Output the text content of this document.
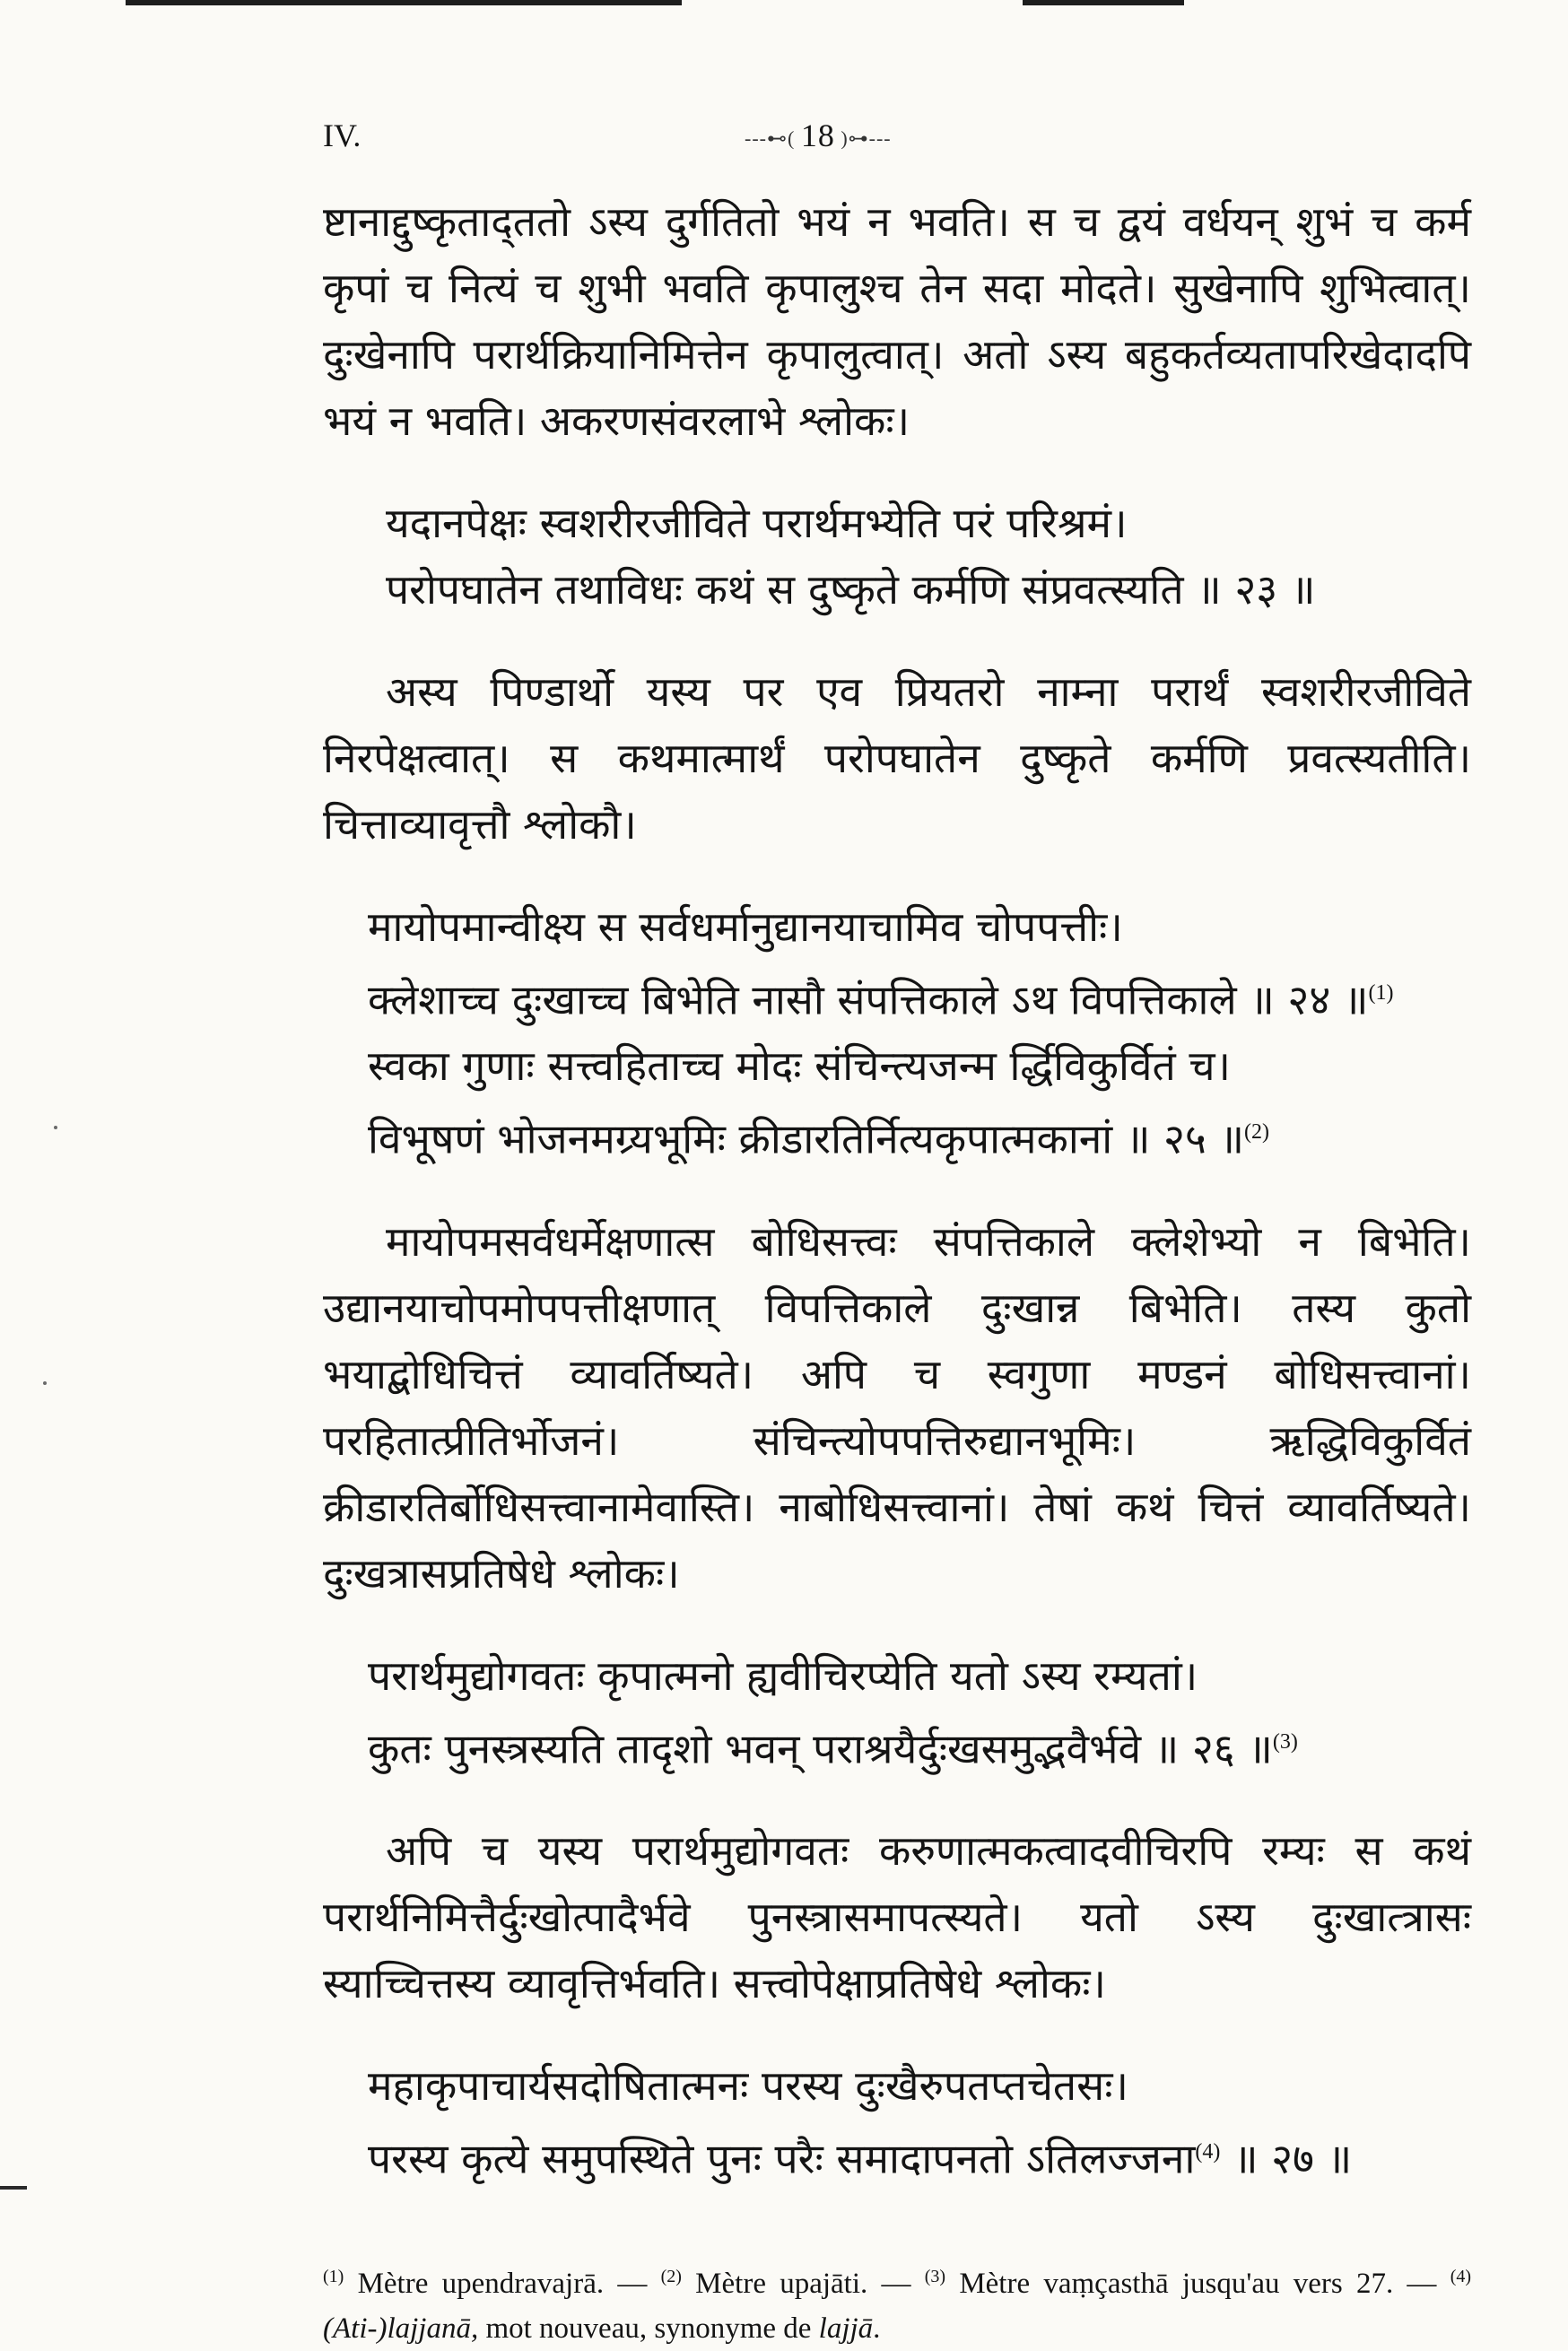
IV.	---⊷( 18 )⊶---

ष्टानाद्दुष्कृताद्‌ततो ऽस्य दुर्गतितो भयं न भवति। स च द्वयं वर्धयन् शुभं च कर्म कृपां च नित्यं च शुभी भवति कृपालुश्च तेन सदा मोदते। सुखेनापि शुभित्वात्। दुःखेनापि परार्थक्रियानिमित्तेन कृपालुत्वात्। अतो ऽस्य बहुकर्तव्यतापरिखेदादपि भयं न भवति। अकरणसंवरलाभे श्लोकः।

यदानपेक्षः स्वशरीरजीविते परार्थमभ्येति परं परिश्रमं।
परोपघातेन तथाविधः कथं स दुष्कृते कर्मणि संप्रवत्स्यति ॥ २३ ॥

अस्य पिण्डार्थो यस्य पर एव प्रियतरो नाम्ना परार्थं स्वशरीरजीविते निरपेक्षत्वात्। स कथमात्मार्थं परोपघातेन दुष्कृते कर्मणि प्रवत्स्यतीति। चित्ताव्यावृत्तौ श्लोकौ।

मायोपमान्वीक्ष्य स सर्वधर्मानुद्यानयाचामिव चोपपत्तीः।
क्लेशाच्च दुःखाच्च बिभेति नासौ संपत्तिकाले ऽथ विपत्तिकाले ॥ २४ ॥$^{(1)}$
स्वका गुणाः सत्त्वहिताच्च मोदः संचिन्त्यजन्म र्द्धिविकुर्वितं च।
विभूषणं भोजनमग्र्यभूमिः क्रीडारतिर्नित्यकृपात्मकानां ॥ २५ ॥$^{(2)}$

मायोपमसर्वधर्मेक्षणात्स बोधिसत्त्वः संपत्तिकाले क्लेशेभ्यो न बिभेति। उद्यानयाचोपमोपपत्तीक्षणात् विपत्तिकाले दुःखान्न बिभेति। तस्य कुतो भयाद्बोधिचित्तं व्यावर्तिष्यते। अपि च स्वगुणा मण्डनं बोधिसत्त्वानां। परहितात्प्रीतिर्भोजनं। संचिन्त्योपपत्तिरुद्यानभूमिः। ऋद्धिविकुर्वितं क्रीडारतिर्बोधिसत्त्वानामेवास्ति। नाबोधिसत्त्वानां। तेषां कथं चित्तं व्यावर्तिष्यते। दुःखत्रासप्रतिषेधे श्लोकः।

परार्थमुद्योगवतः कृपात्मनो ह्यवीचिरप्येति यतो ऽस्य रम्यतां।
कुतः पुनस्त्रस्यति तादृशो भवन् पराश्रयैर्दुःखसमुद्भवैर्भवे ॥ २६ ॥$^{(3)}$

अपि च यस्य परार्थमुद्योगवतः करुणात्मकत्वादवीचिरपि रम्यः स कथं परार्थनिमित्तैर्दुःखोत्पादैर्भवे पुनस्त्रासमापत्स्यते। यतो ऽस्य दुःखात्त्रासः स्याच्चित्तस्य व्यावृत्तिर्भवति। सत्त्वोपेक्षाप्रतिषेधे श्लोकः।

महाकृपाचार्यसदोषितात्मनः परस्य दुःखैरुपतप्तचेतसः।
परस्य कृत्ये समुपस्थिते पुनः परैः समादापनतो ऽतिलज्जना$^{(4)}$ ॥ २७ ॥
$^{(1)}$ Mètre upendravajrā. — $^{(2)}$ Mètre upajāti. — $^{(3)}$ Mètre vaṃçasthā jusqu'au vers 27. — $^{(4)}$ (Ati-)lajjanā, mot nouveau, synonyme de lajjā.
